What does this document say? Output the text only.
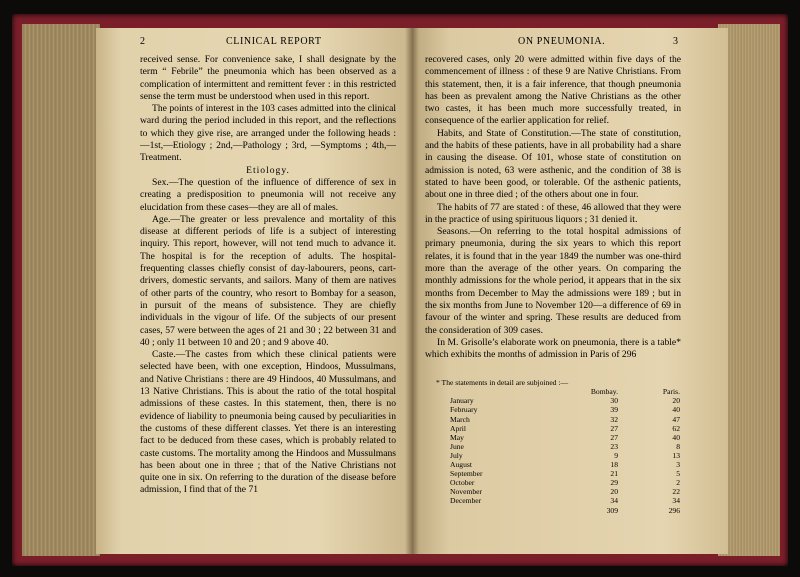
2	CLINICAL REPORT

received sense. For convenience sake, I shall designate by the term “ Febrile” the pneumonia which has been observed as a complication of intermittent and remittent fever : in this restricted sense the term must be understood when used in this report.

The points of interest in the 103 cases admitted into the clinical ward during the period included in this report, and the reflections to which they give rise, are arranged under the following heads :—1st,—Etiology ; 2nd,—Pathology ; 3rd, —Symptoms ; 4th,—Treatment.

Etiology.

Sex.—The question of the influence of difference of sex in creating a predisposition to pneumonia will not receive any elucidation from these cases—they are all of males.

Age.—The greater or less prevalence and mortality of this disease at different periods of life is a subject of interesting inquiry. This report, however, will not tend much to advance it. The hospital is for the reception of adults. The hospital-frequenting classes chiefly consist of day-labourers, peons, cart-drivers, domestic servants, and sailors. Many of them are natives of other parts of the country, who resort to Bombay for a season, in pursuit of the means of subsistence. They are chiefly individuals in the vigour of life. Of the subjects of our present cases, 57 were between the ages of 21 and 30 ; 22 between 31 and 40 ; only 11 between 10 and 20 ; and 9 above 40.

Caste.—The castes from which these clinical patients were selected have been, with one exception, Hindoos, Mussulmans, and Native Christians : there are 49 Hindoos, 40 Mussulmans, and 13 Native Christians. This is about the ratio of the total hospital admissions of these castes. In this statement, then, there is no evidence of liability to pneumonia being caused by peculiarities in the customs of these different classes. Yet there is an interesting fact to be deduced from these cases, which is probably related to caste customs. The mortality among the Hindoos and Mussulmans has been about one in three ; that of the Native Christians not quite one in six. On referring to the duration of the disease before admission, I find that of the 71

ON PNEUMONIA.	3

recovered cases, only 20 were admitted within five days of the commencement of illness : of these 9 are Native Christians. From this statement, then, it is a fair inference, that though pneumonia has been as prevalent among the Native Christians as the other two castes, it has been much more successfully treated, in consequence of the earlier application for relief.

Habits, and State of Constitution.—The state of constitution, and the habits of these patients, have in all probability had a share in causing the disease. Of 101, whose state of constitution on admission is noted, 63 were asthenic, and the condition of 38 is stated to have been good, or tolerable. Of the asthenic patients, about one in three died ; of the others about one in four.

The habits of 77 are stated : of these, 46 allowed that they were in the practice of using spirituous liquors ; 31 denied it.

Seasons.—On referring to the total hospital admissions of primary pneumonia, during the six years to which this report relates, it is found that in the year 1849 the number was one-third more than the average of the other years. On comparing the monthly admissions for the whole period, it appears that in the six months from December to May the admissions were 189 ; but in the six months from June to November 120—a difference of 69 in favour of the winter and spring. These results are deduced from the consideration of 309 cases.

In M. Grisolle’s elaborate work on pneumonia, there is a table* which exhibits the months of admission in Paris of 296

* The statements in detail are subjoined :—
	Bombay.	Paris.
January	30	20
February	39	40
March	32	47
April	27	62
May	27	40
June	23	8
July	9	13
August	18	3
September	21	5
October	29	2
November	20	22
December	34	34
	309	296
